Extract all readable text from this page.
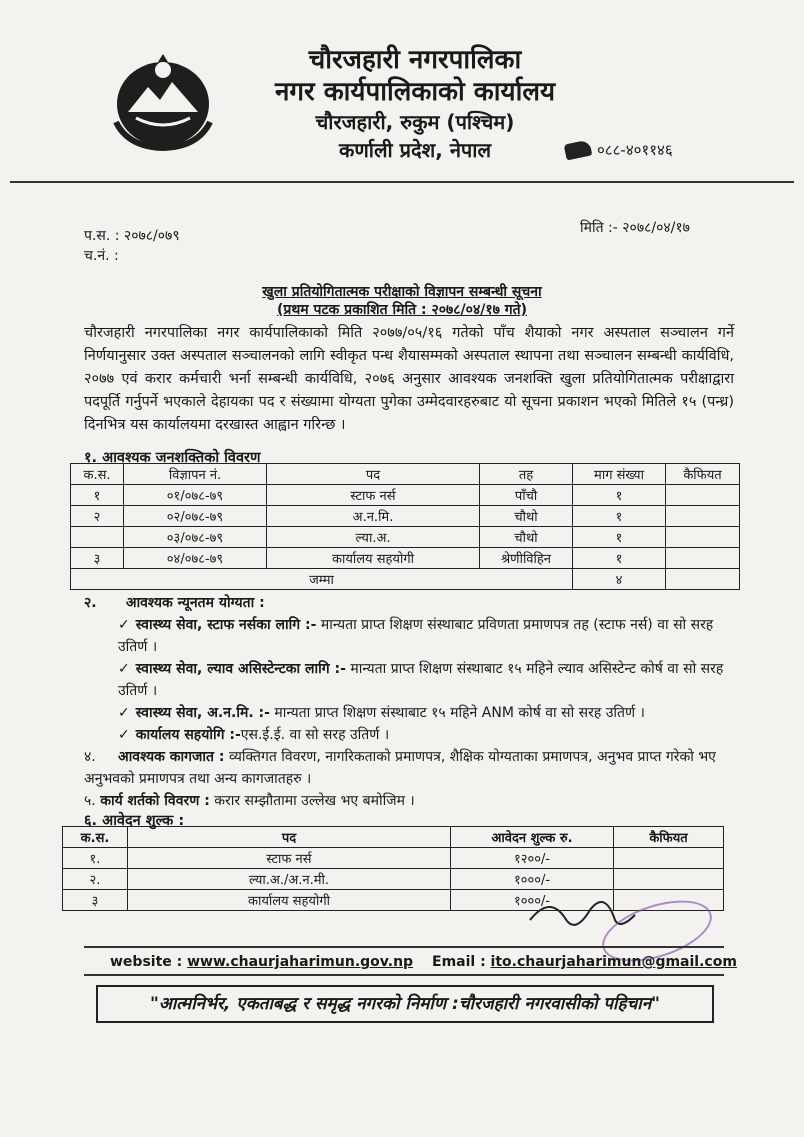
चौरजहारी नगरपालिका
नगर कार्यपालिकाको कार्यालय
चौरजहारी, रुकुम (पश्चिम)
कर्णाली प्रदेश, नेपाल	०८८-४०११४६
प.स. : २०७८/०७९
च.नं. :
मिति :- २०७८/०४/१७
खुला प्रतियोगितात्मक परीक्षाको विज्ञापन सम्बन्धी सूचना
(प्रथम पटक प्रकाशित मिति : २०७८/०४/१७ गते)
चौरजहारी नगरपालिका नगर कार्यपालिकाको मिति २०७७/०५/१६ गतेको पाँच शैयाको नगर अस्पताल सञ्चालन गर्ने निर्णयानुसार उक्त अस्पताल सञ्चालनको लागि स्वीकृत पन्ध शैयासम्मको अस्पताल स्थापना तथा सञ्चालन सम्बन्धी कार्यविधि, २०७७ एवं करार कर्मचारी भर्ना सम्बन्धी कार्यविधि, २०७६ अनुसार आवश्यक जनशक्ति खुला प्रतियोगितात्मक परीक्षाद्वारा पदपूर्ति गर्नुपर्ने भएकाले देहायका पद र संख्यामा योग्यता पुगेका उम्मेदवारहरुबाट यो सूचना प्रकाशन भएको मितिले १५ (पन्ध्र) दिनभित्र यस कार्यालयमा दरखास्त आह्वान गरिन्छ ।
१. आवश्यक जनशक्तिको विवरण
क.स.	विज्ञापन नं.	पद	तह	माग संख्या	कैफियत
१	०१/०७८-७९	स्टाफ नर्स	पाँचौ	१	
२	०२/०७८-७९	अ.न.मि.	चौथो	१	
	०३/०७८-७९	ल्या.अ.	चौथो	१	
३	०४/०७८-७९	कार्यालय सहयोगी	श्रेणीविहिन	१	
जम्मा				४	
२.      आवश्यक न्यूनतम योग्यता :
✓ स्वास्थ्य सेवा, स्टाफ नर्सका लागि :- मान्यता प्राप्त शिक्षण संस्थाबाट प्रविणता प्रमाणपत्र तह (स्टाफ नर्स) वा सो सरह उतिर्ण ।
✓ स्वास्थ्य सेवा, ल्याव असिस्टेन्टका लागि :- मान्यता प्राप्त शिक्षण संस्थाबाट १५ महिने ल्याव असिस्टेन्ट कोर्ष वा सो सरह उतिर्ण ।
✓ स्वास्थ्य सेवा, अ.न.मि. :- मान्यता प्राप्त शिक्षण संस्थाबाट १५ महिने ANM कोर्ष वा सो सरह उतिर्ण ।
✓ कार्यालय सहयोगि :-एस.ई.ई. वा सो सरह उतिर्ण ।
४. आवश्यक कागजात : व्यक्तिगत विवरण, नागरिकताको प्रमाणपत्र, शैक्षिक योग्यताका प्रमाणपत्र, अनुभव प्राप्त गरेको भए अनुभवको प्रमाणपत्र तथा अन्य कागजातहरु ।
५. कार्य शर्तको विवरण : करार सम्झौतामा उल्लेख भए बमोजिम ।
६. आवेदन शुल्क :
क.स.	पद	आवेदन शुल्क रु.	कैफियत
१.	स्टाफ नर्स	१२००/-	
२.	ल्या.अ./अ.न.मी.	१०००/-	
३	कार्यालय सहयोगी	१०००/-	
website : www.chaurjaharimun.gov.np Email : ito.chaurjaharimun@gmail.com
"आत्मनिर्भर, एकताबद्ध र समृद्ध नगरको निर्माण :चौरजहारी नगरवासीको पहिचान"
